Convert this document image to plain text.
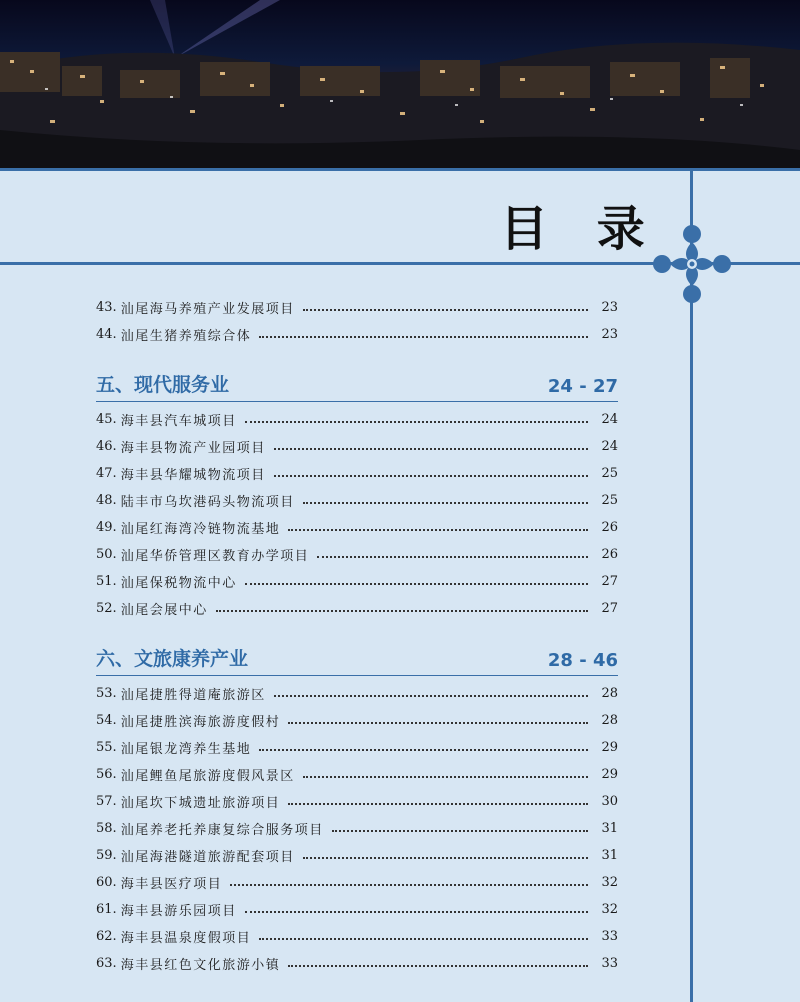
目 录
43. 汕尾海马养殖产业发展项目	23
44. 汕尾生猪养殖综合体	23
五、现代服务业	24 - 27
45. 海丰县汽车城项目	24
46. 海丰县物流产业园项目	24
47. 海丰县华耀城物流项目	25
48. 陆丰市乌坎港码头物流项目	25
49. 汕尾红海湾冷链物流基地	26
50. 汕尾华侨管理区教育办学项目	26
51. 汕尾保税物流中心	27
52. 汕尾会展中心	27
六、文旅康养产业	28 - 46
53. 汕尾捷胜得道庵旅游区	28
54. 汕尾捷胜滨海旅游度假村	28
55. 汕尾银龙湾养生基地	29
56. 汕尾鲤鱼尾旅游度假风景区	29
57. 汕尾坎下城遗址旅游项目	30
58. 汕尾养老托养康复综合服务项目	31
59. 汕尾海港隧道旅游配套项目	31
60. 海丰县医疗项目	32
61. 海丰县游乐园项目	32
62. 海丰县温泉度假项目	33
63. 海丰县红色文化旅游小镇	33
